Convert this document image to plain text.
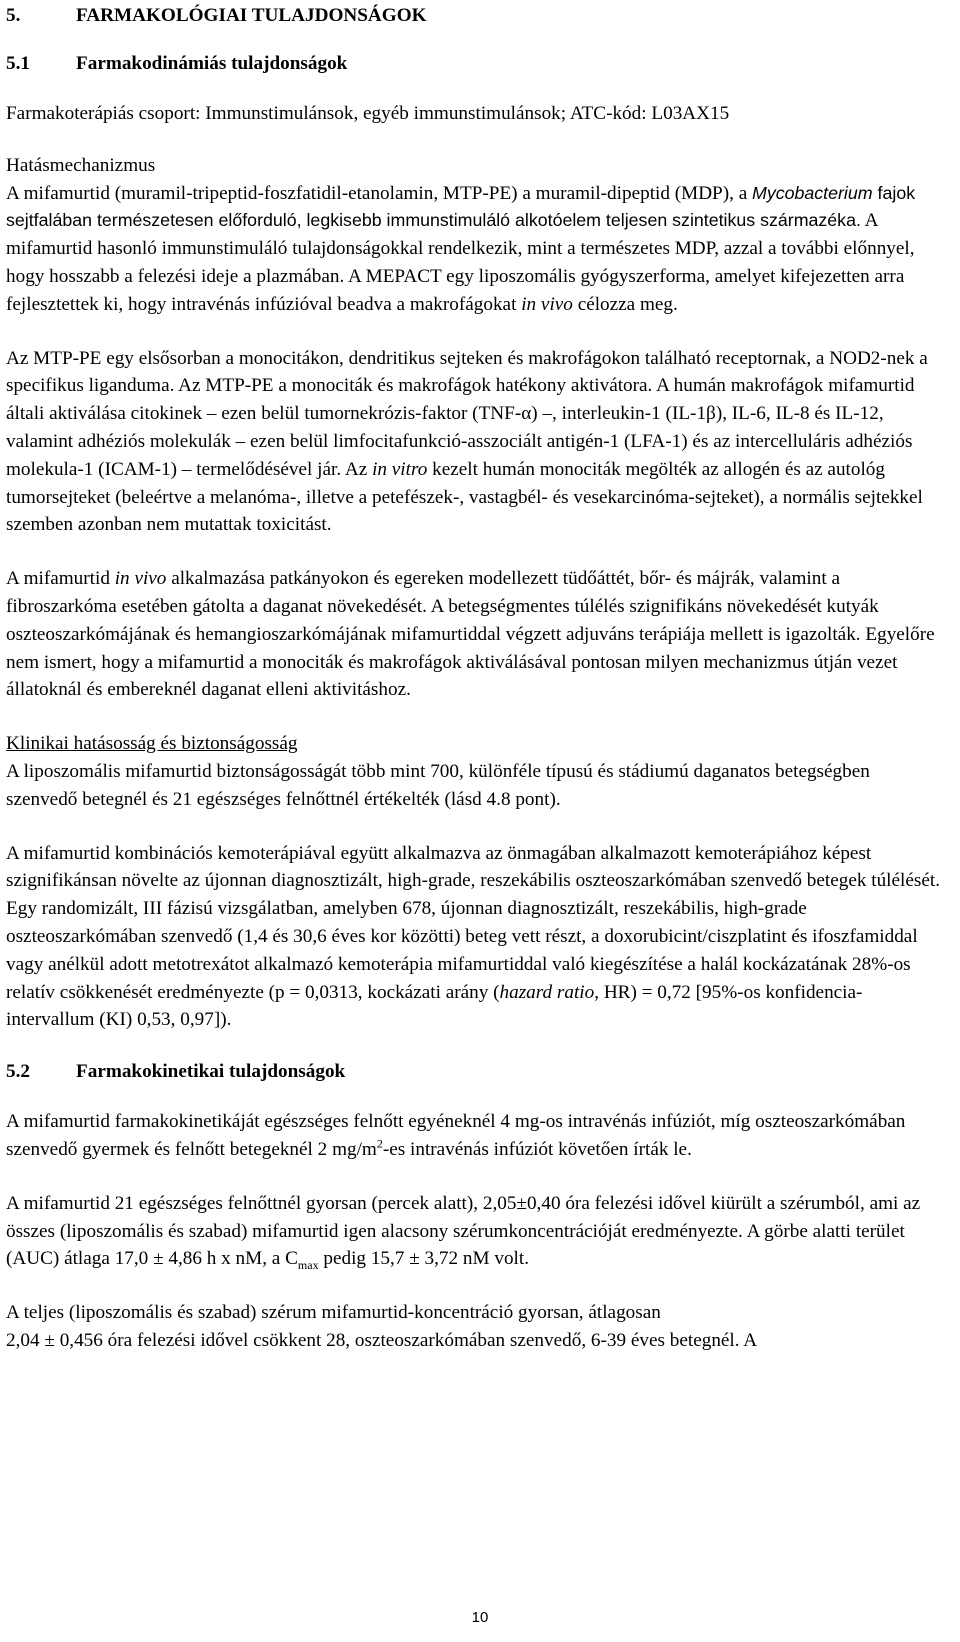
5.	FARMAKOLÓGIAI TULAJDONSÁGOK
5.1 Farmakodinámiás tulajdonságok

Farmakoterápiás csoport: Immunstimulánsok, egyéb immunstimulánsok; ATC-kód: L03AX15

Hatásmechanizmus

A mifamurtid (muramil-tripeptid-foszfatidil-etanolamin, MTP-PE) a muramil-dipeptid (MDP), a Mycobacterium fajok sejtfalában természetesen előforduló, legkisebb immunstimuláló alkotóelem teljesen szintetikus származéka. A mifamurtid hasonló immunstimuláló tulajdonságokkal rendelkezik, mint a természetes MDP, azzal a további előnnyel, hogy hosszabb a felezési ideje a plazmában. A MEPACT egy liposzomális gyógyszerforma, amelyet kifejezetten arra fejlesztettek ki, hogy intravénás infúzióval beadva a makrofágokat in vivo célozza meg.

Az MTP-PE egy elsősorban a monocitákon, dendritikus sejteken és makrofágokon található receptornak, a NOD2-nek a specifikus liganduma. Az MTP-PE a monociták és makrofágok hatékony aktivátora. A humán makrofágok mifamurtid általi aktiválása citokinek – ezen belül tumornekrózis-faktor (TNF-α) –, interleukin-1 (IL-1β), IL-6, IL-8 és IL-12, valamint adhéziós molekulák – ezen belül limfocitafunkció-asszociált antigén-1 (LFA-1) és az intercelluláris adhéziós molekula-1 (ICAM-1) – termelődésével jár. Az in vitro kezelt humán monociták megölték az allogén és az autológ tumorsejteket (beleértve a melanóma-, illetve a petefészek-, vastagbél- és vesekarcinóma-sejteket), a normális sejtekkel szemben azonban nem mutattak toxicitást.

A mifamurtid in vivo alkalmazása patkányokon és egereken modellezett tüdőáttét, bőr- és májrák, valamint a fibroszarkóma esetében gátolta a daganat növekedését. A betegségmentes túlélés szignifikáns növekedését kutyák oszteoszarkómájának és hemangioszarkómájának mifamurtiddal végzett adjuváns terápiája mellett is igazolták. Egyelőre nem ismert, hogy a mifamurtid a monociták és makrofágok aktiválásával pontosan milyen mechanizmus útján vezet állatoknál és embereknél daganat elleni aktivitáshoz.

Klinikai hatásosság és biztonságosság

A liposzomális mifamurtid biztonságosságát több mint 700, különféle típusú és stádiumú daganatos betegségben szenvedő betegnél és 21 egészséges felnőttnél értékelték (lásd 4.8 pont).

A mifamurtid kombinációs kemoterápiával együtt alkalmazva az önmagában alkalmazott kemoterápiához képest szignifikánsan növelte az újonnan diagnosztizált, high-grade, reszekábilis oszteoszarkómában szenvedő betegek túlélését. Egy randomizált, III fázisú vizsgálatban, amelyben 678, újonnan diagnosztizált, reszekábilis, high-grade oszteoszarkómában szenvedő (1,4 és 30,6 éves kor közötti) beteg vett részt, a doxorubicint/ciszplatint és ifoszfamiddal vagy anélkül adott metotrexátot alkalmazó kemoterápia mifamurtiddal való kiegészítése a halál kockázatának 28%-os relatív csökkenését eredményezte (p = 0,0313, kockázati arány (hazard ratio, HR) = 0,72 [95%-os konfidencia-intervallum (KI) 0,53, 0,97]).

5.2 Farmakokinetikai tulajdonságok

A mifamurtid farmakokinetikáját egészséges felnőtt egyéneknél 4 mg-os intravénás infúziót, míg oszteoszarkómában szenvedő gyermek és felnőtt betegeknél 2 $mg/m^2-es$ intravénás infúziót követően írták le.

A mifamurtid 21 egészséges felnőttnél gyorsan (percek alatt), 2,05±0,40 óra felezési idővel kiürült a szérumból, ami az összes (liposzomális és szabad) mifamurtid igen alacsony szérumkoncentrációját eredményezte. A görbe alatti terület (AUC) átlaga 17,0 ± 4,86 h x nM, a $C_{max}$ pedig 15,7 ± 3,72 nM volt.

A teljes (liposzomális és szabad) szérum mifamurtid-koncentráció gyorsan, átlagosan

2,04 ± 0,456 óra felezési idővel csökkent 28, oszteoszarkómában szenvedő, 6-39 éves betegnél. A

10
